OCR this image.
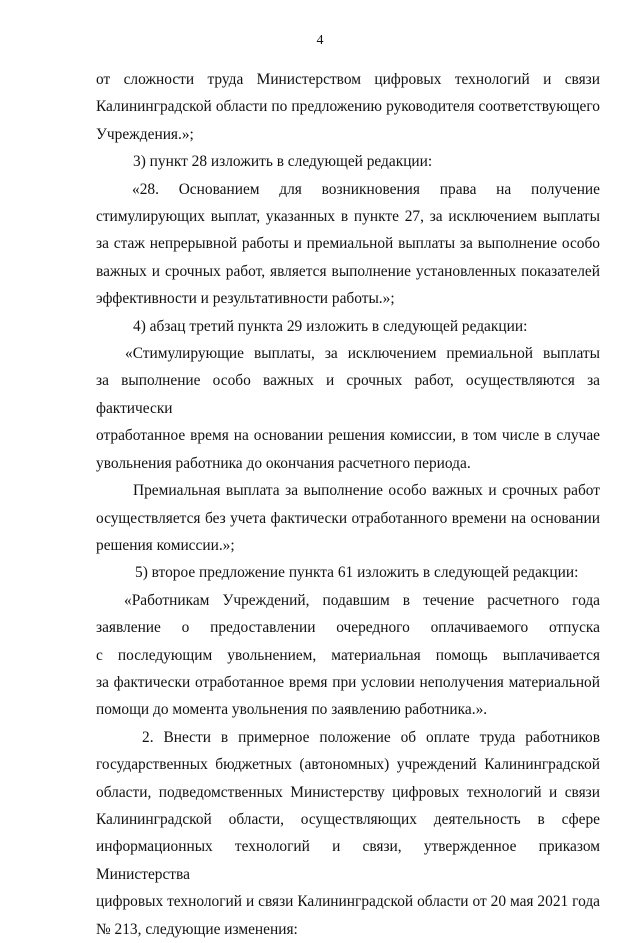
4

от сложности труда Министерством цифровых технологий и связи
Калининградской области по предложению руководителя соответствующего
Учреждения.»;

3) пункт 28 изложить в следующей редакции:

«28. Основанием для возникновения права на получение
стимулирующих выплат, указанных в пункте 27, за исключением выплаты
за стаж непрерывной работы и премиальной выплаты за выполнение особо
важных и срочных работ, является выполнение установленных показателей
эффективности и результативности работы.»;

4) абзац третий пункта 29 изложить в следующей редакции:

«Стимулирующие выплаты, за исключением премиальной выплаты
за выполнение особо важных и срочных работ, осуществляются за фактически
отработанное время на основании решения комиссии, в том числе в случае
увольнения работника до окончания расчетного периода.

Премиальная выплата за выполнение особо важных и срочных работ
осуществляется без учета фактически отработанного времени на основании
решения комиссии.»;

5) второе предложение пункта 61 изложить в следующей редакции:

«Работникам Учреждений, подавшим в течение расчетного года
заявление о предоставлении очередного оплачиваемого отпуска
с последующим увольнением, материальная помощь выплачивается
за фактически отработанное время при условии неполучения материальной
помощи до момента увольнения по заявлению работника.».

2. Внести в примерное положение об оплате труда работников
государственных бюджетных (автономных) учреждений Калининградской
области, подведомственных Министерству цифровых технологий и связи
Калининградской области, осуществляющих деятельность в сфере
информационных технологий и связи, утвержденное приказом Министерства
цифровых технологий и связи Калининградской области от 20 мая 2021 года
№ 213, следующие изменения:
